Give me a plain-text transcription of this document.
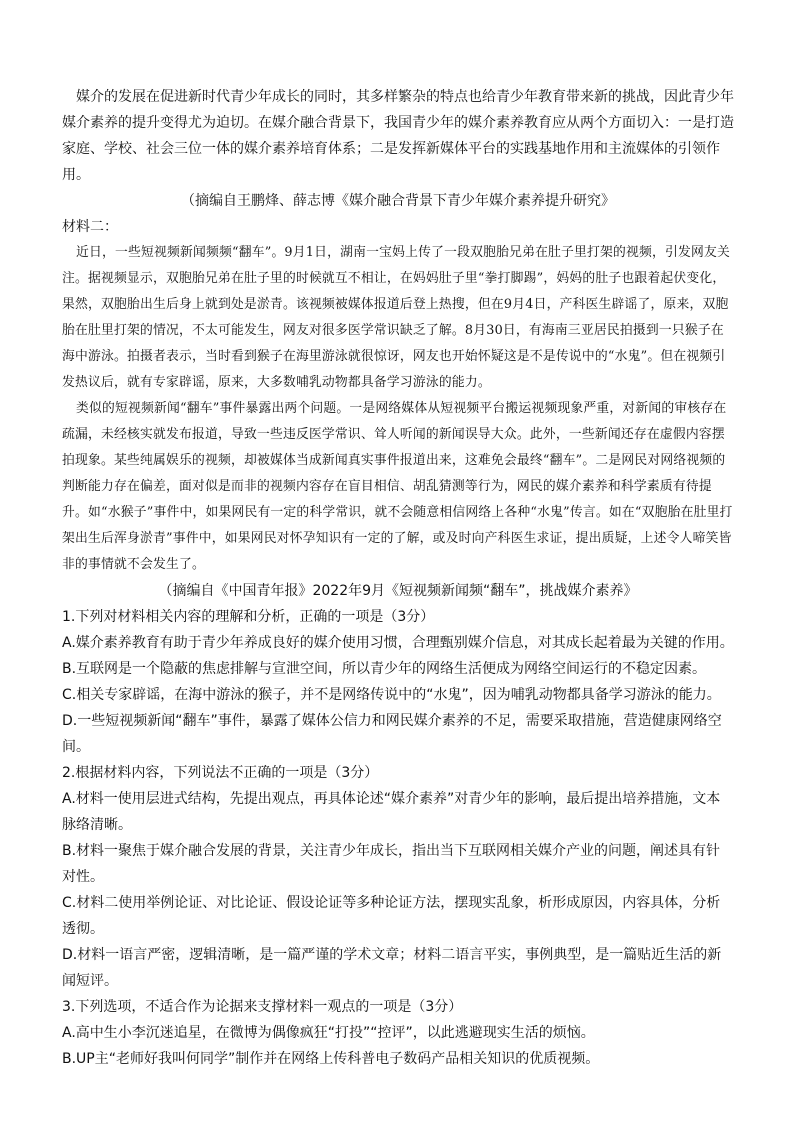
媒介的发展在促进新时代青少年成长的同时，其多样繁杂的特点也给青少年教育带来新的挑战，因此青少年媒介素养的提升变得尤为迫切。在媒介融合背景下，我国青少年的媒介素养教育应从两个方面切入：一是打造家庭、学校、社会三位一体的媒介素养培育体系；二是发挥新媒体平台的实践基地作用和主流媒体的引领作用。

（摘编自王鹏烽、薛志博《媒介融合背景下青少年媒介素养提升研究》

材料二：

近日，一些短视频新闻频频“翻车”。9月1日，湖南一宝妈上传了一段双胞胎兄弟在肚子里打架的视频，引发网友关注。据视频显示，双胞胎兄弟在肚子里的时候就互不相让，在妈妈肚子里“拳打脚踢”，妈妈的肚子也跟着起伏变化，果然，双胞胎出生后身上就到处是淤青。该视频被媒体报道后登上热搜，但在9月4日，产科医生辟谣了，原来，双胞胎在肚里打架的情况，不太可能发生，网友对很多医学常识缺乏了解。8月30日，有海南三亚居民拍摄到一只猴子在海中游泳。拍摄者表示，当时看到猴子在海里游泳就很惊讶，网友也开始怀疑这是不是传说中的“水鬼”。但在视频引发热议后，就有专家辟谣，原来，大多数哺乳动物都具备学习游泳的能力。

类似的短视频新闻“翻车”事件暴露出两个问题。一是网络媒体从短视频平台搬运视频现象严重，对新闻的审核存在疏漏，未经核实就发布报道，导致一些违反医学常识、耸人听闻的新闻误导大众。此外，一些新闻还存在虚假内容摆拍现象。某些纯属娱乐的视频，却被媒体当成新闻真实事件报道出来，这难免会最终“翻车”。二是网民对网络视频的判断能力存在偏差，面对似是而非的视频内容存在盲目相信、胡乱猜测等行为，网民的媒介素养和科学素质有待提升。如“水猴子”事件中，如果网民有一定的科学常识，就不会随意相信网络上各种“水鬼”传言。如在“双胞胎在肚里打架出生后浑身淤青”事件中，如果网民对怀孕知识有一定的了解，或及时向产科医生求证，提出质疑，上述令人啼笑皆非的事情就不会发生了。

（摘编自《中国青年报》2022年9月《短视频新闻频“翻车”，挑战媒介素养》

1.下列对材料相关内容的理解和分析，正确的一项是（3分）

A.媒介素养教育有助于青少年养成良好的媒介使用习惯，合理甄别媒介信息，对其成长起着最为关键的作用。

B.互联网是一个隐蔽的焦虑排解与宣泄空间，所以青少年的网络生活便成为网络空间运行的不稳定因素。

C.相关专家辟谣，在海中游泳的猴子，并不是网络传说中的“水鬼”，因为哺乳动物都具备学习游泳的能力。

D.一些短视频新闻“翻车”事件，暴露了媒体公信力和网民媒介素养的不足，需要采取措施，营造健康网络空间。

2.根据材料内容，下列说法不正确的一项是（3分）

A.材料一使用层进式结构，先提出观点，再具体论述“媒介素养”对青少年的影响，最后提出培养措施，文本脉络清晰。

B.材料一聚焦于媒介融合发展的背景，关注青少年成长，指出当下互联网相关媒介产业的问题，阐述具有针对性。

C.材料二使用举例论证、对比论证、假设论证等多种论证方法，摆现实乱象，析形成原因，内容具体，分析透彻。

D.材料一语言严密，逻辑清晰，是一篇严谨的学术文章；材料二语言平实，事例典型，是一篇贴近生活的新闻短评。

3.下列选项，不适合作为论据来支撑材料一观点的一项是（3分）

A.高中生小李沉迷追星，在微博为偶像疯狂“打投”“控评”，以此逃避现实生活的烦恼。

B.UP主“老师好我叫何同学”制作并在网络上传科普电子数码产品相关知识的优质视频。
